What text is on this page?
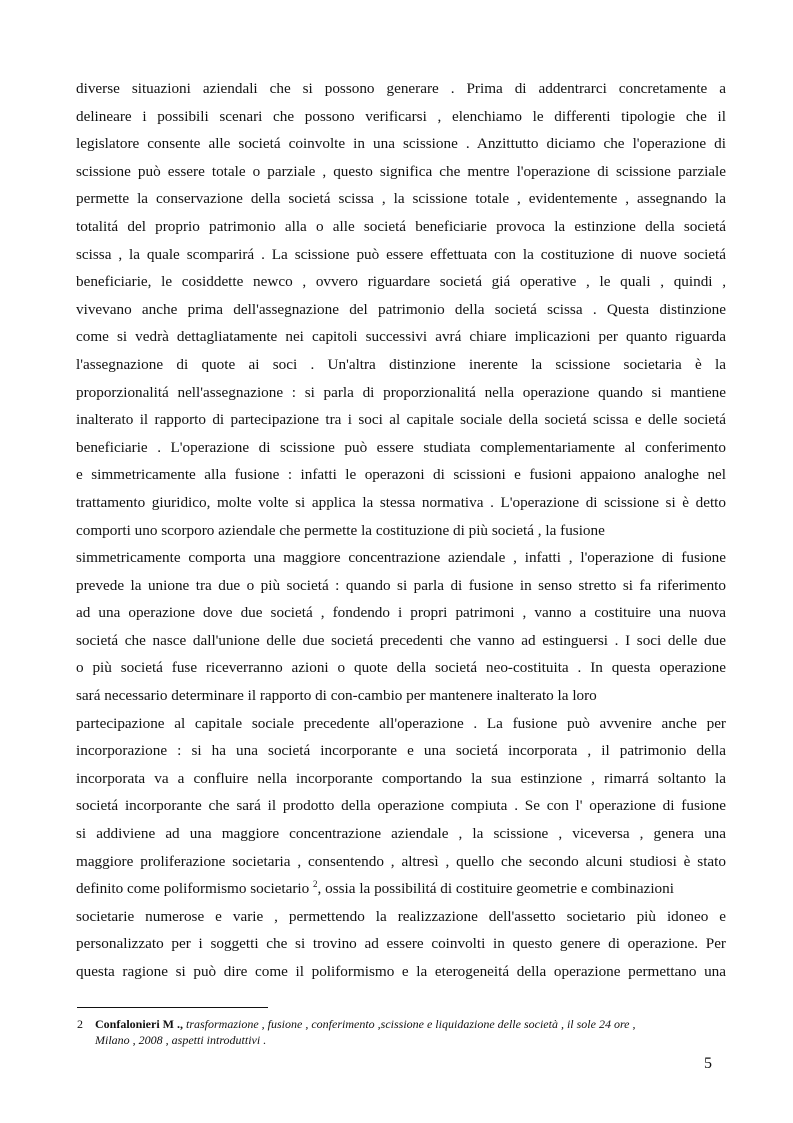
diverse situazioni aziendali che si possono generare . Prima di addentrarci concretamente a
delineare i possibili scenari che possono verificarsi , elenchiamo le differenti tipologie che il
legislatore consente alle societá coinvolte in una scissione . Anzittutto diciamo che l'operazione di
scissione può essere totale o parziale , questo significa che mentre l'operazione di scissione parziale
permette la conservazione della societá scissa , la scissione totale , evidentemente , assegnando la
totalitá del proprio patrimonio alla o alle societá beneficiarie provoca la estinzione della societá
scissa , la quale scomparirá . La scissione può essere effettuata con la costituzione di nuove societá
beneficiarie, le cosiddette newco , ovvero riguardare societá giá operative , le quali , quindi ,
vivevano anche prima dell'assegnazione del patrimonio della societá scissa . Questa distinzione
come si vedrà dettagliatamente nei capitoli successivi avrá chiare implicazioni per quanto riguarda
l'assegnazione di quote ai soci . Un'altra distinzione inerente la scissione societaria è la
proporzionalitá nell'assegnazione : si parla di proporzionalitá nella operazione quando si mantiene
inalterato il rapporto di partecipazione tra i soci al capitale sociale della societá scissa e delle societá
beneficiarie . L'operazione di scissione può essere studiata complementariamente al conferimento
e simmetricamente alla fusione : infatti le operazoni di scissioni e fusioni appaiono analoghe nel
trattamento giuridico, molte volte si applica la stessa normativa . L'operazione di scissione si è detto
comporti uno scorporo aziendale che permette la costituzione di più societá , la fusione
simmetricamente comporta una maggiore concentrazione aziendale , infatti , l'operazione di fusione
prevede la unione tra due o più societá : quando si parla di fusione in senso stretto si fa riferimento
ad una operazione dove due societá , fondendo i propri patrimoni , vanno a costituire una nuova
societá che nasce dall'unione delle due societá precedenti che vanno ad estinguersi . I soci delle due
o più societá fuse riceverranno azioni o quote della societá neo-costituita . In questa operazione
sará necessario determinare il rapporto di con-cambio per mantenere inalterato la loro
partecipazione al capitale sociale precedente all'operazione . La fusione può avvenire anche per
incorporazione : si ha una societá incorporante e una societá incorporata , il patrimonio della
incorporata va a confluire nella incorporante comportando la sua estinzione , rimarrá soltanto la
societá incorporante che sará il prodotto della operazione compiuta . Se con l' operazione di fusione
si addiviene ad una maggiore concentrazione aziendale , la scissione , viceversa , genera una
maggiore proliferazione societaria , consentendo , altresì , quello che secondo alcuni studiosi è stato
definito come poliformismo societario $^2$, ossia la possibilitá di costituire geometrie e combinazioni
societarie numerose e varie , permettendo la realizzazione dell'assetto societario più idoneo e
personalizzato per i soggetti che si trovino ad essere coinvolti in questo genere di operazione. Per
questa ragione si può dire come il poliformismo e la eterogeneitá della operazione permettano una
2 Confalonieri M ., trasformazione , fusione , conferimento ,scissione e liquidazione delle società , il sole 24 ore ,
Milano , 2008 , aspetti introduttivi .
5
